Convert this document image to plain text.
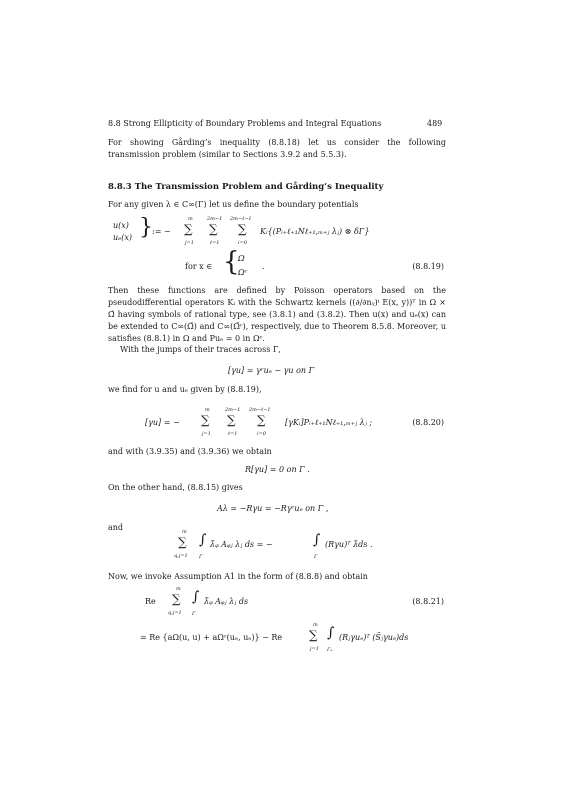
8.8 Strong Ellipticity of Boundary Problems and Integral Equations	489

For showing Gårding’s inequality (8.8.18) let us consider the following transmission problem (similar to Sections 3.9.2 and 5.5.3).

8.8.3 The Transmission Problem and Gårding’s Inequality

For any given λ ∈ C∞(Γ) let us define the boundary potentials

u(x)
uₑ(x) } := −
m
∑
j=1
2m−1
∑
ℓ=1
2m−ℓ−1
∑
i=0
Kᵢ{(Pᵢ₊ℓ₊₁Nℓ₊₁,ₘ₊ⱼ λⱼ) ⊗ δΓ}
for x ∈ {
Ω
Ωᶜ
.	(8.8.19)

Then these functions are defined by Poisson operators based on the pseudodifferential operators Kᵢ with the Schwartz kernels ((∂/∂nᵧ)ⁱ E(x, y))ᵀ in Ω × Ω̃ having symbols of rational type, see (3.8.1) and (3.8.2). Then u(x) and uₑ(x) can be extended to C∞(Ω̄) and C∞(Ω̄ᶜ), respectively, due to Theorem 8.5.8. Moreover, u satisfies (8.8.1) in Ω and Puₑ = 0 in Ωᶜ.

With the jumps of their traces across Γ,

[γu] = γᶜuₑ − γu on Γ

we find for u and uₑ given by (8.8.19),

[γu] = −
m
∑
j=1
2m−1
∑
ℓ=1
2m−ℓ−1
∑
i=0
[γKᵢ]Pᵢ₊ℓ₊₁Nℓ₊₁,ₘ₊ⱼ λⱼ ;	(8.8.20)

and with (3.9.35) and (3.9.36) we obtain

R[γu] = 0 on Γ .

On the other hand, (8.8.15) gives

Aλ = −Rγu = −Rγᶜuₑ on Γ ,

and	m
∑
q,j=1
∫
Γ
λ̄ᵩ Aᵩⱼ λⱼ ds = −	∫
Γ
(Rγu)ᵀ λ̄ds .

Now, we invoke Assumption A1 in the form of (8.8.8) and obtain

Re
m
∑
q,j=1
∫
Γ
λ̄ᵩ Aᵩⱼ λⱼ ds	(8.8.21)
= Re {aΩ(u, u) + aΩᶜ(uₑ, uₑ)} − Re
m
∑
j=1
∫
Γₑ
(Rⱼγuₑ)ᵀ (S̄ⱼγuₑ)ds
